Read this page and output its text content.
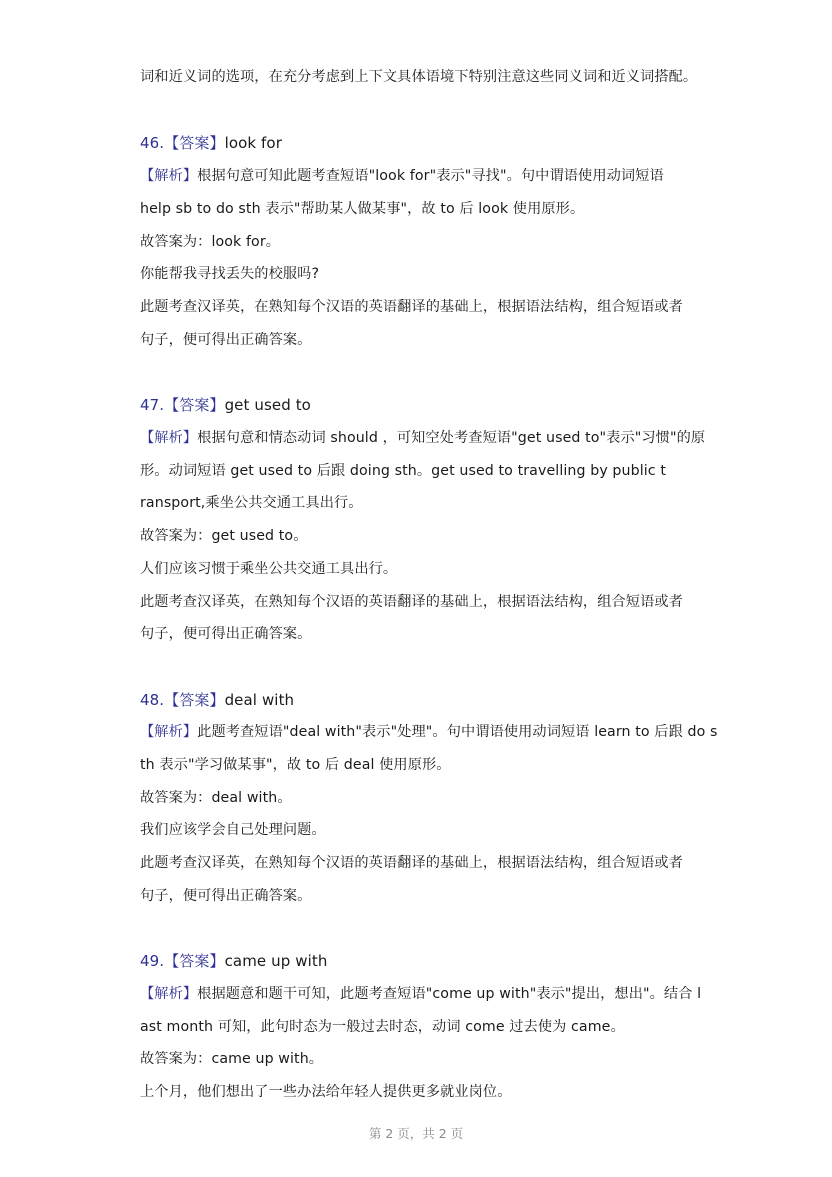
词和近义词的选项，在充分考虑到上下文具体语境下特别注意这些同义词和近义词搭配。
46.【答案】look for
【解析】根据句意可知此题考查短语"look for"表示"寻找"。句中谓语使用动词短语
help sb to do sth 表示"帮助某人做某事"，故 to 后 look 使用原形。
故答案为：look for。
你能帮我寻找丢失的校服吗?
此题考查汉译英，在熟知每个汉语的英语翻译的基础上，根据语法结构，组合短语或者
句子，便可得出正确答案。
47.【答案】get used to
【解析】根据句意和情态动词 should ，可知空处考查短语"get used to"表示"习惯"的原
形。动词短语 get used to 后跟 doing sth。get used to travelling by public t
ransport,乘坐公共交通工具出行。
故答案为：get used to。
人们应该习惯于乘坐公共交通工具出行。
此题考查汉译英，在熟知每个汉语的英语翻译的基础上，根据语法结构，组合短语或者
句子，便可得出正确答案。
48.【答案】deal with
【解析】此题考查短语"deal with"表示"处理"。句中谓语使用动词短语 learn to 后跟 do s
th 表示"学习做某事"，故 to 后 deal 使用原形。
故答案为：deal with。
我们应该学会自己处理问题。
此题考查汉译英，在熟知每个汉语的英语翻译的基础上，根据语法结构，组合短语或者
句子，便可得出正确答案。
49.【答案】came up with
【解析】根据题意和题干可知，此题考查短语"come up with"表示"提出，想出"。结合 l
ast month 可知，此句时态为一般过去时态，动词 come 过去使为 came。
故答案为：came up with。
上个月，他们想出了一些办法给年轻人提供更多就业岗位。
第 2 页，共 2 页
